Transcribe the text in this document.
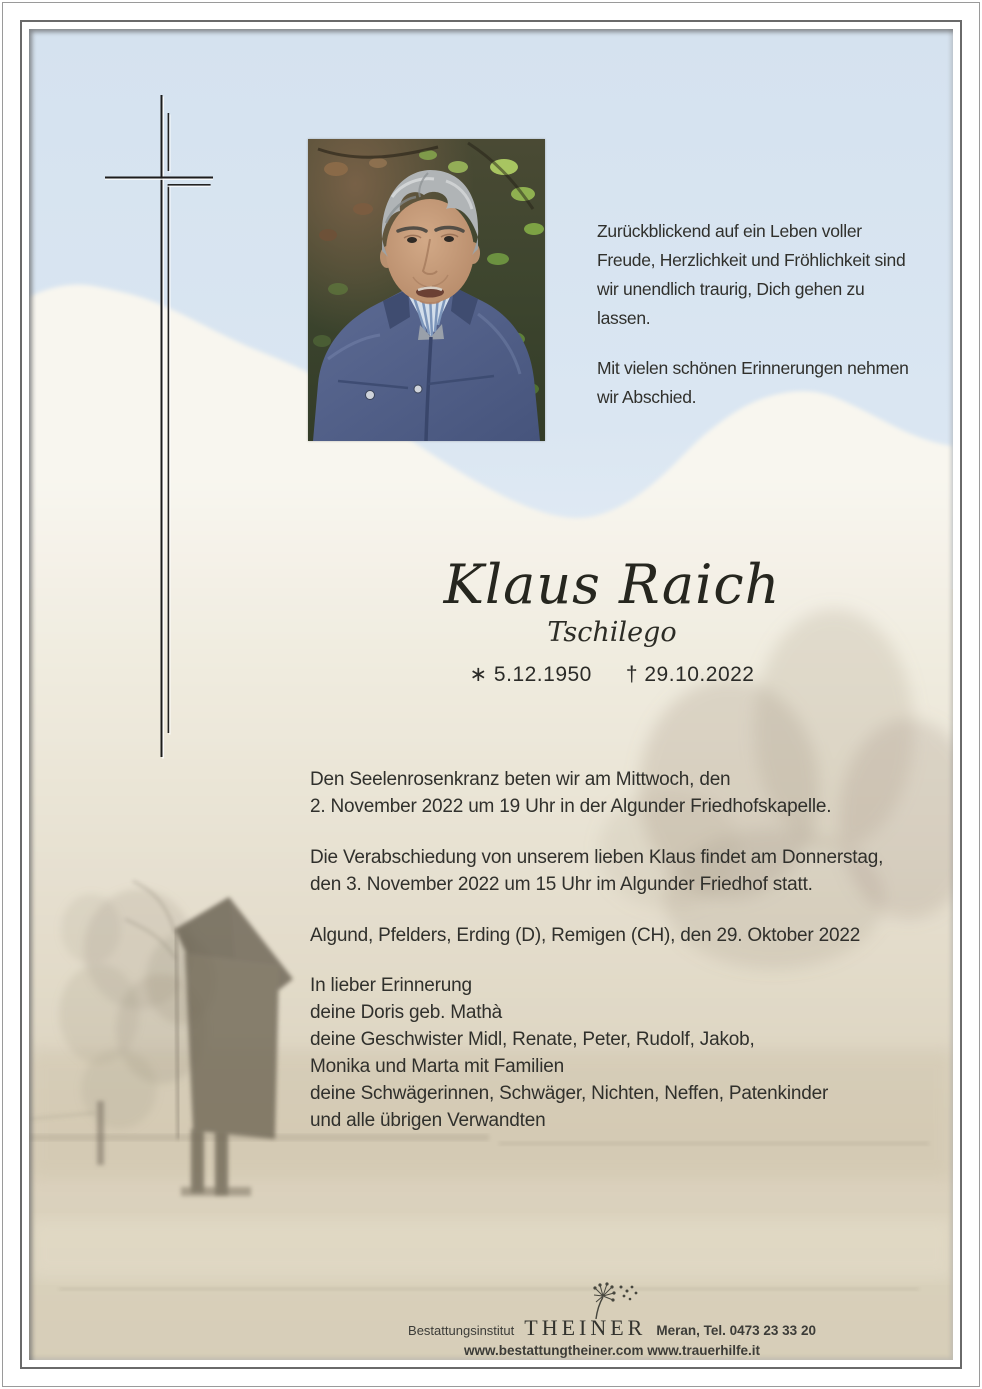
Zurückblickend auf ein Leben voller
Freude, Herzlichkeit und Fröhlichkeit sind
wir unendlich traurig, Dich gehen zu
lassen.
Mit vielen schönen Erinnerungen nehmen
wir Abschied.
Klaus Raich
Tschilego
∗ 5.12.1950 † 29.10.2022
Den Seelenrosenkranz beten wir am Mittwoch, den
2. November 2022 um 19 Uhr in der Algunder Friedhofskapelle.
Die Verabschiedung von unserem lieben Klaus findet am Donnerstag,
den 3. November 2022 um 15 Uhr im Algunder Friedhof statt.
Algund, Pfelders, Erding (D), Remigen (CH), den 29. Oktober 2022
In lieber Erinnerung
deine Doris geb. Mathà
deine Geschwister Midl, Renate, Peter, Rudolf, Jakob,
Monika und Marta mit Familien
deine Schwägerinnen, Schwäger, Nichten, Neffen, Patenkinder
und alle übrigen Verwandten
Bestattungsinstitut THEINER Meran, Tel. 0473 23 33 20
www.bestattungtheiner.com www.trauerhilfe.it
